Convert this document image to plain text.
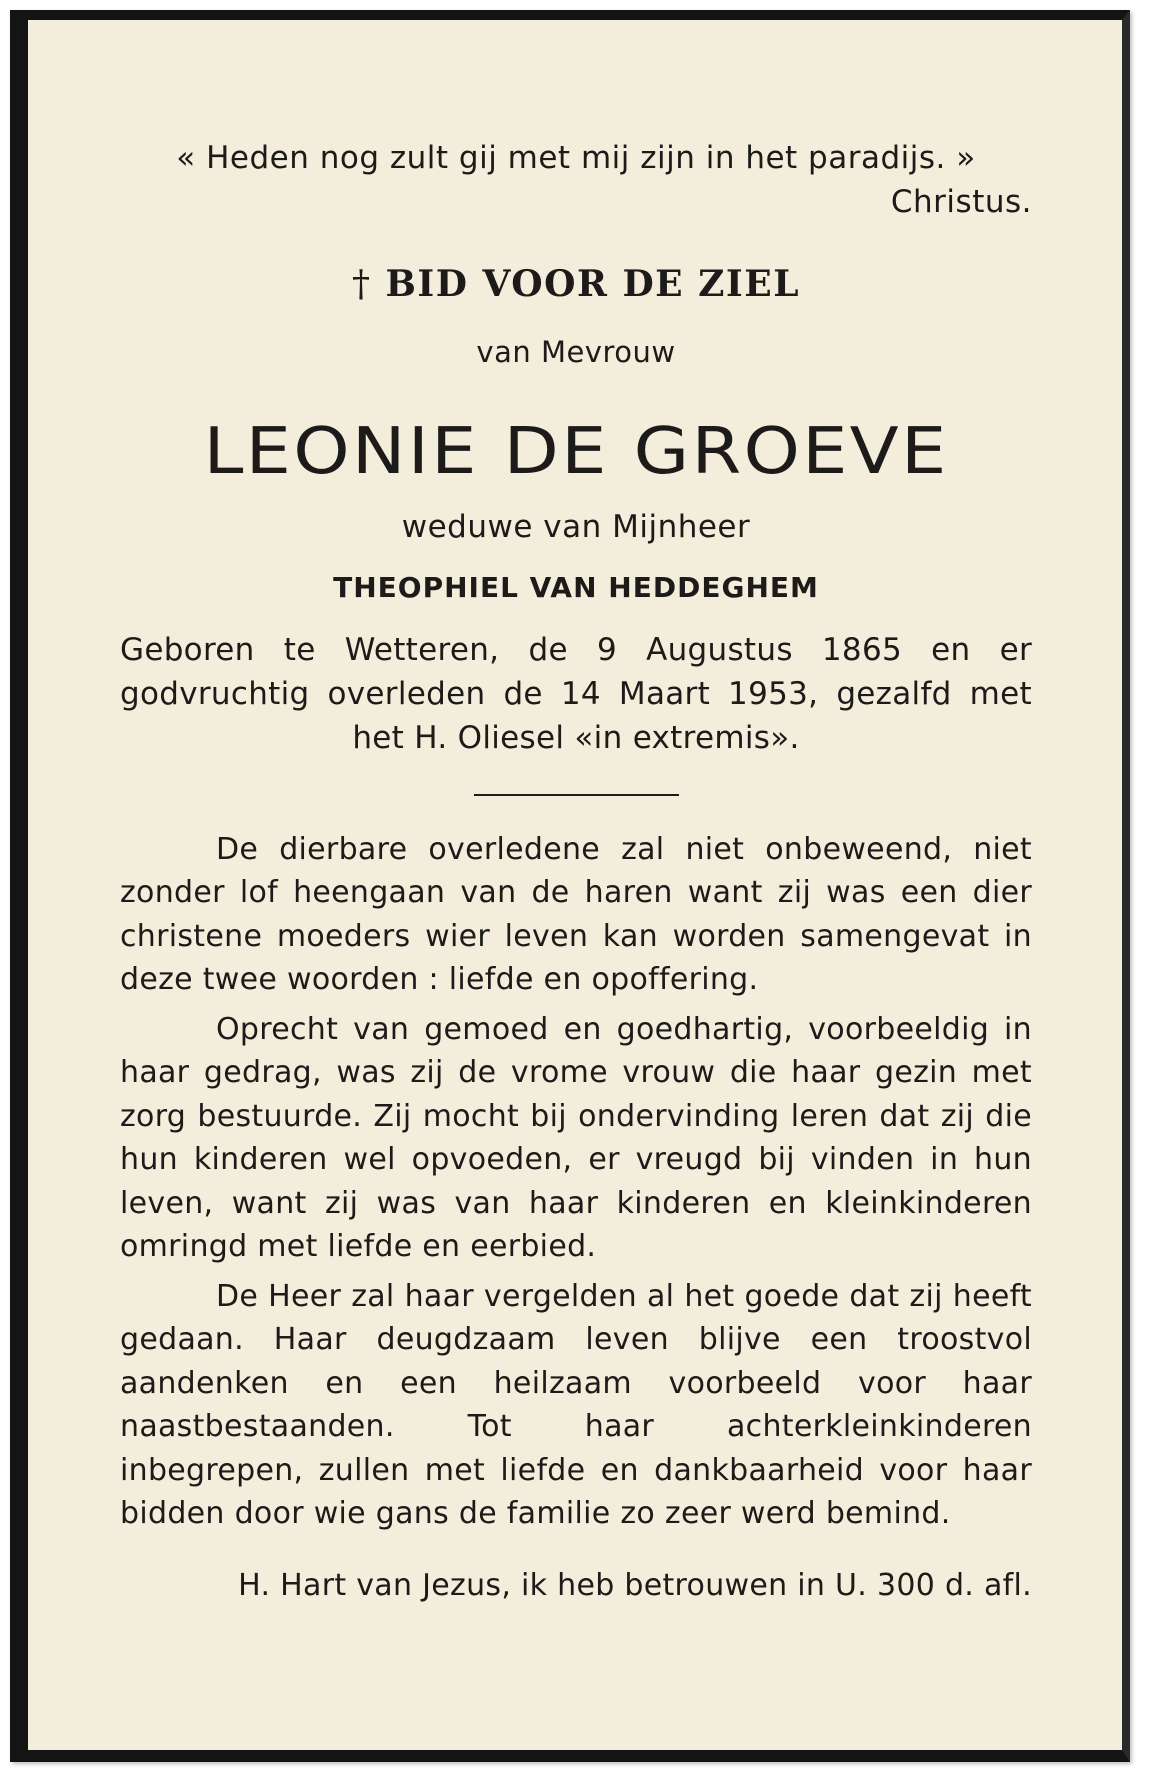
« Heden nog zult gij met mij zijn in het paradijs. »

Christus.

† BID VOOR DE ZIEL

van Mevrouw

LEONIE DE GROEVE

weduwe van Mijnheer

THEOPHIEL VAN HEDDEGHEM

Geboren te Wetteren, de 9 Augustus 1865 en er godvruchtig overleden de 14 Maart 1953, gezalfd met het H. Oliesel «in extremis».

De dierbare overledene zal niet onbeweend, niet zonder lof heengaan van de haren want zij was een dier christene moeders wier leven kan worden samengevat in deze twee woorden : liefde en opoffering.

Oprecht van gemoed en goedhartig, voorbeeldig in haar gedrag, was zij de vrome vrouw die haar gezin met zorg bestuurde. Zij mocht bij ondervinding leren dat zij die hun kinderen wel opvoeden, er vreugd bij vinden in hun leven, want zij was van haar kinderen en kleinkinderen omringd met liefde en eerbied.

De Heer zal haar vergelden al het goede dat zij heeft gedaan. Haar deugdzaam leven blijve een troostvol aandenken en een heilzaam voorbeeld voor haar naastbestaanden. Tot haar achterkleinkinderen inbegrepen, zullen met liefde en dankbaarheid voor haar bidden door wie gans de familie zo zeer werd bemind.

H. Hart van Jezus, ik heb betrouwen in U. 300 d. afl.
